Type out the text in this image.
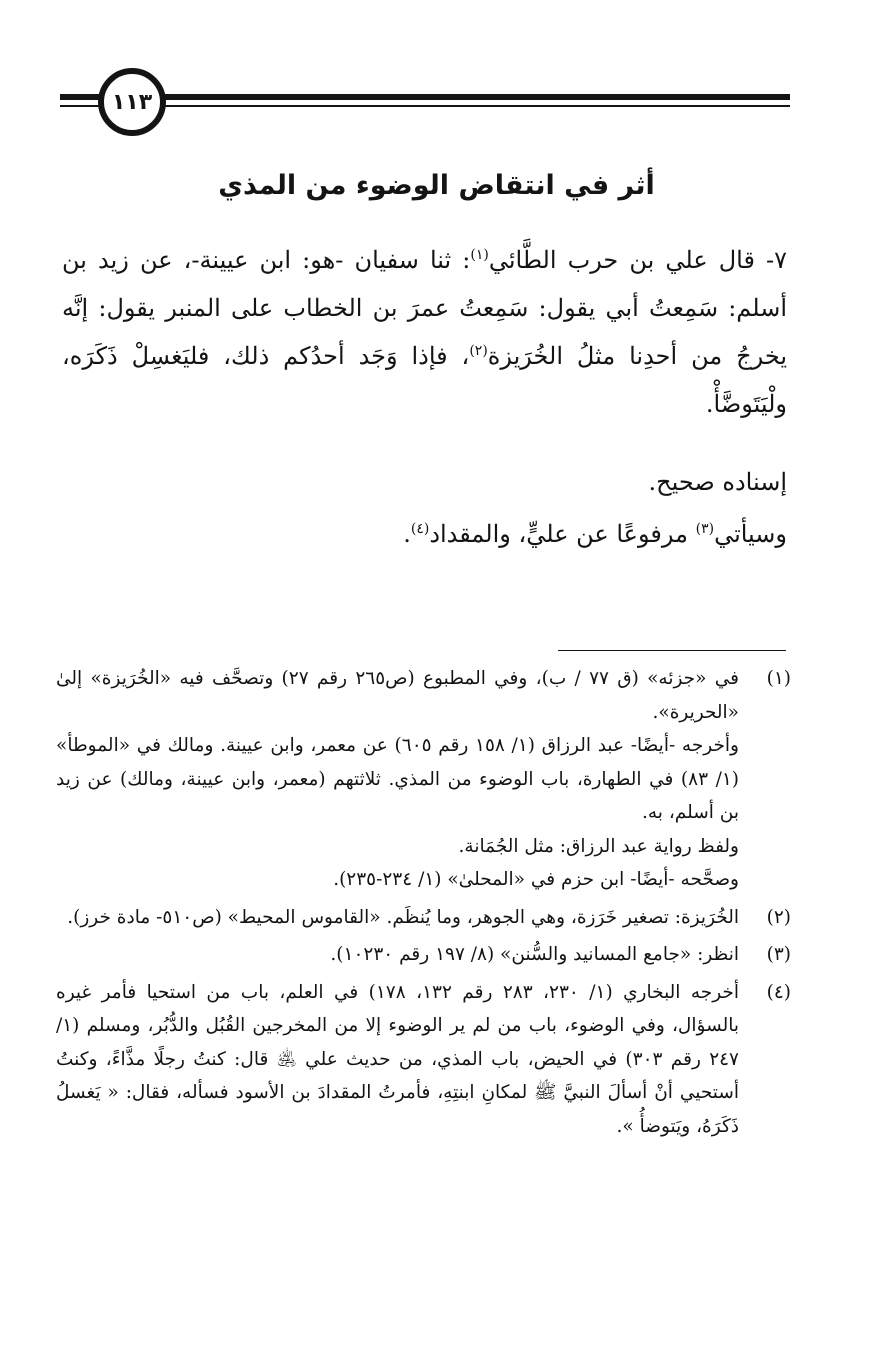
١١٣
أثر في انتقاض الوضوء من المذي
٧- قال علي بن حرب الطَّائي$^{(١)}$: ثنا سفيان -هو: ابن عيينة-، عن زيد بن أسلم: سَمِعتُ أبي يقول: سَمِعتُ عمرَ بن الخطاب على المنبر يقول: إنَّه يخرجُ من أحدِنا مثلُ الخُرَيزة$^{(٢)}$، فإذا وَجَد أحدُكم ذلك، فليَغسِلْ ذَكَرَه، ولْيَتَوضَّأْ.
إسناده صحيح.
وسيأتي$^{(٣)}$ مرفوعًا عن عليٍّ، والمقداد$^{(٤)}$.
(١)

في «جزئه» (ق ٧٧ / ب)، وفي المطبوع (ص٢٦٥ رقم ٢٧) وتصحَّف فيه «الخُرَيزة» إلىٰ «الحريرة».

وأخرجه -أيضًا- عبد الرزاق (١/ ١٥٨ رقم ٦٠٥) عن معمر، وابن عيينة. ومالك في «الموطأ» (١/ ٨٣) في الطهارة، باب الوضوء من المذي. ثلاثتهم (معمر، وابن عيينة، ومالك) عن زيد بن أسلم، به.

ولفظ رواية عبد الرزاق: مثل الجُمَانة.

وصحَّحه -أيضًا- ابن حزم في «المحلىٰ» (١/ ٢٣٤-٢٣٥).

(٢)

الخُرَيزة: تصغير خَرَزة، وهي الجوهر، وما يُنظَم. «القاموس المحيط» (ص٥١٠- مادة خرز).

(٣)

انظر: «جامع المسانيد والسُّنن» (٨/ ١٩٧ رقم ١٠٢٣٠).

(٤)

أخرجه البخاري (١/ ٢٣٠، ٢٨٣ رقم ١٣٢، ١٧٨) في العلم، باب من استحيا فأمر غيره بالسؤال، وفي الوضوء، باب من لم ير الوضوء إلا من المخرجين القُبُل والدُّبُر، ومسلم (١/ ٢٤٧ رقم ٣٠٣) في الحيض، باب المذي، من حديث علي ﵁ قال: كنتُ رجلًا مذَّاءً، وكنتُ أستحيي أنْ أسألَ النبيَّ ﷺ لمكانِ ابنتِهِ، فأمرتُ المقدادَ بن الأسود فسأله، فقال: « يَغسلُ ذَكَرَهُ، ويَتوضأُ ».
